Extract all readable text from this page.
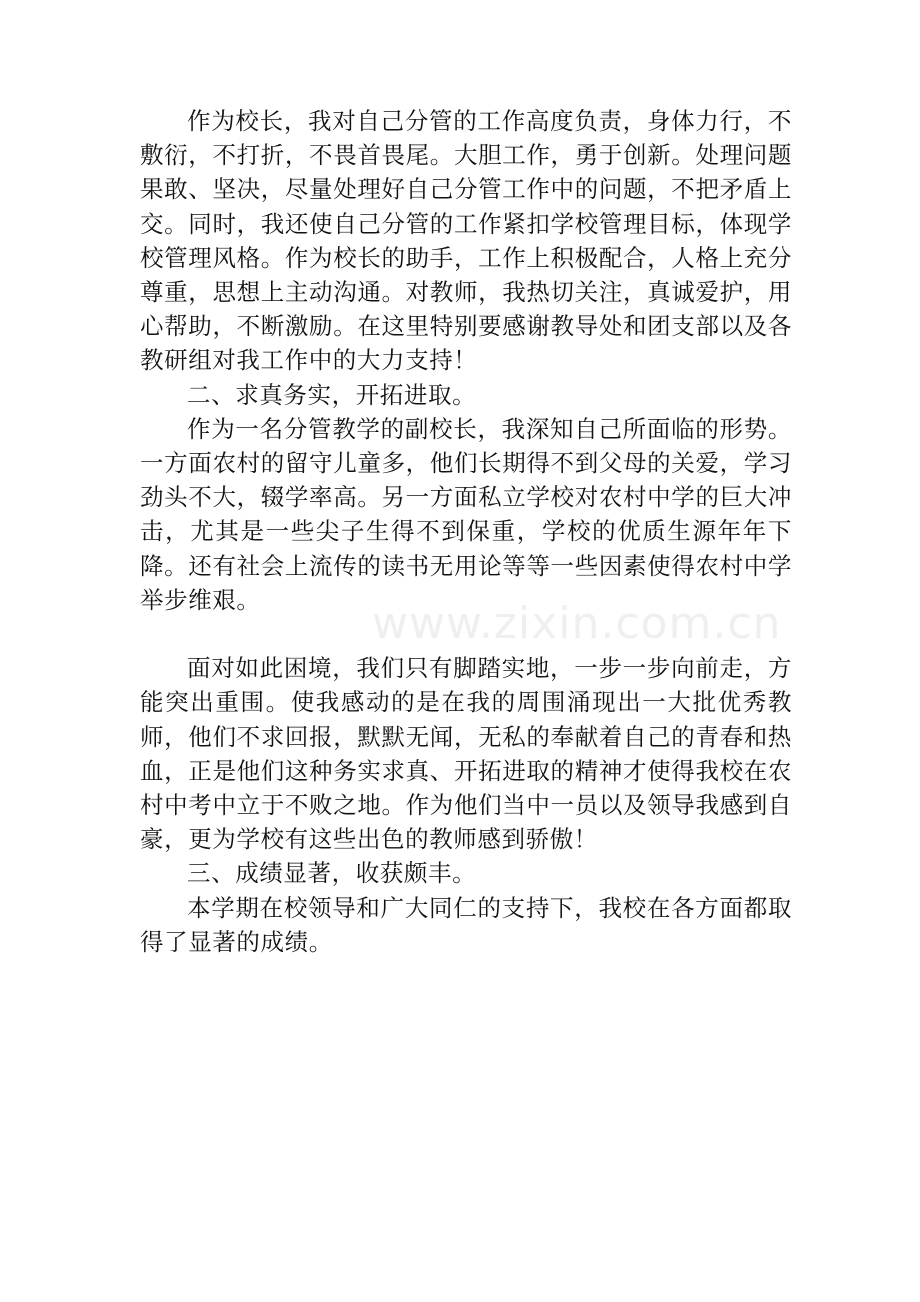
作为校长，我对自己分管的工作高度负责，身体力行，不敷衍，不打折，不畏首畏尾。大胆工作，勇于创新。处理问题果敢、坚决，尽量处理好自己分管工作中的问题，不把矛盾上交。同时，我还使自己分管的工作紧扣学校管理目标，体现学校管理风格。作为校长的助手，工作上积极配合，人格上充分尊重，思想上主动沟通。对教师，我热切关注，真诚爱护，用心帮助，不断激励。在这里特别要感谢教导处和团支部以及各教研组对我工作中的大力支持！

二、求真务实，开拓进取。

作为一名分管教学的副校长，我深知自己所面临的形势。一方面农村的留守儿童多，他们长期得不到父母的关爱，学习劲头不大，辍学率高。另一方面私立学校对农村中学的巨大冲击，尤其是一些尖子生得不到保重，学校的优质生源年年下降。还有社会上流传的读书无用论等等一些因素使得农村中学举步维艰。

面对如此困境，我们只有脚踏实地，一步一步向前走，方能突出重围。使我感动的是在我的周围涌现出一大批优秀教师，他们不求回报，默默无闻，无私的奉献着自己的青春和热血，正是他们这种务实求真、开拓进取的精神才使得我校在农村中考中立于不败之地。作为他们当中一员以及领导我感到自豪，更为学校有这些出色的教师感到骄傲！

三、成绩显著，收获颇丰。

本学期在校领导和广大同仁的支持下，我校在各方面都取得了显著的成绩。

www.zixin.com.cn
